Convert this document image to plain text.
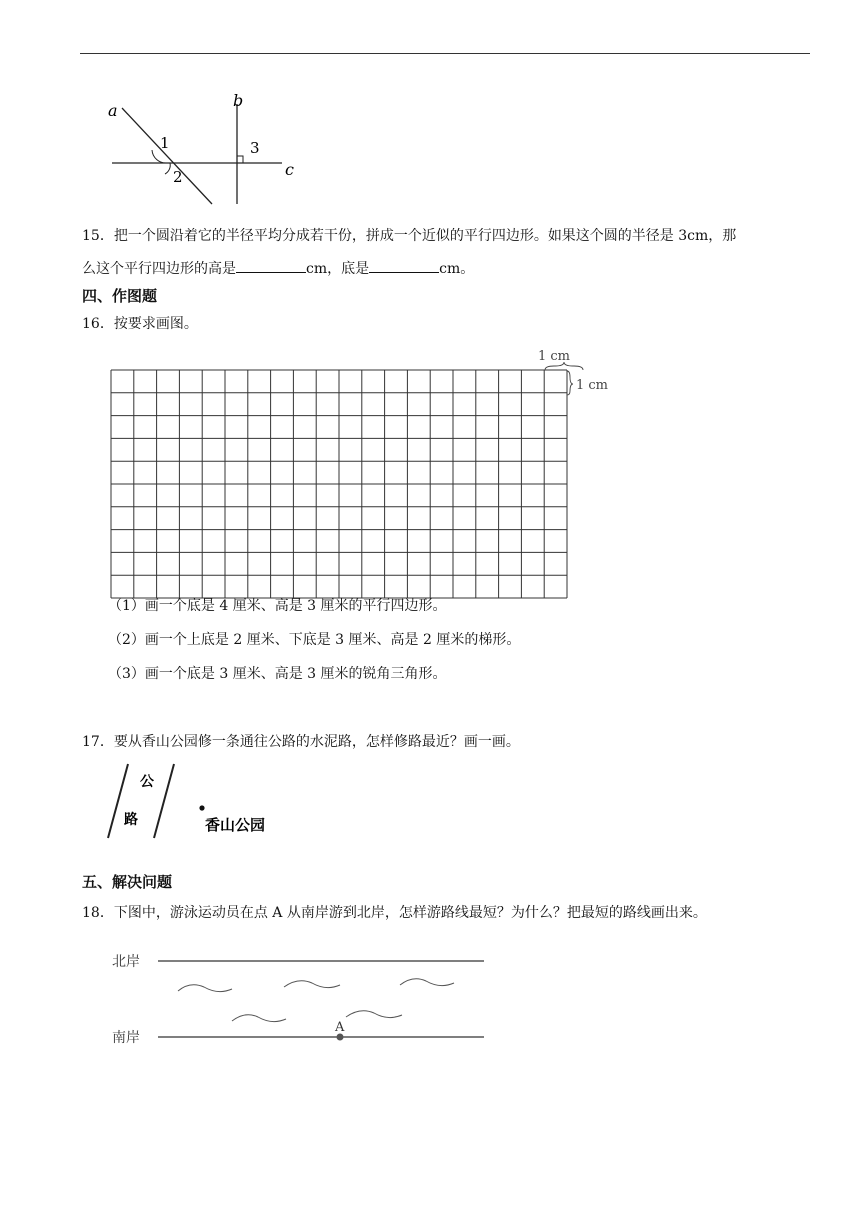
a
b
c
1
2
3
15．把一个圆沿着它的半径平均分成若干份，拼成一个近似的平行四边形。如果这个圆的半径是 3cm，那
么这个平行四边形的高是	cm，底是	cm。
四、作图题
16．按要求画图。
1 cm
1 cm
（1）画一个底是 4 厘米、高是 3 厘米的平行四边形。
（2）画一个上底是 2 厘米、下底是 3 厘米、高是 2 厘米的梯形。
（3）画一个底是 3 厘米、高是 3 厘米的锐角三角形。
17．要从香山公园修一条通往公路的水泥路，怎样修路最近？画一画。
公
路	香山公园
五、解决问题
18．下图中，游泳运动员在点 A 从南岸游到北岸，怎样游路线最短？为什么？把最短的路线画出来。
北岸
南岸
A
